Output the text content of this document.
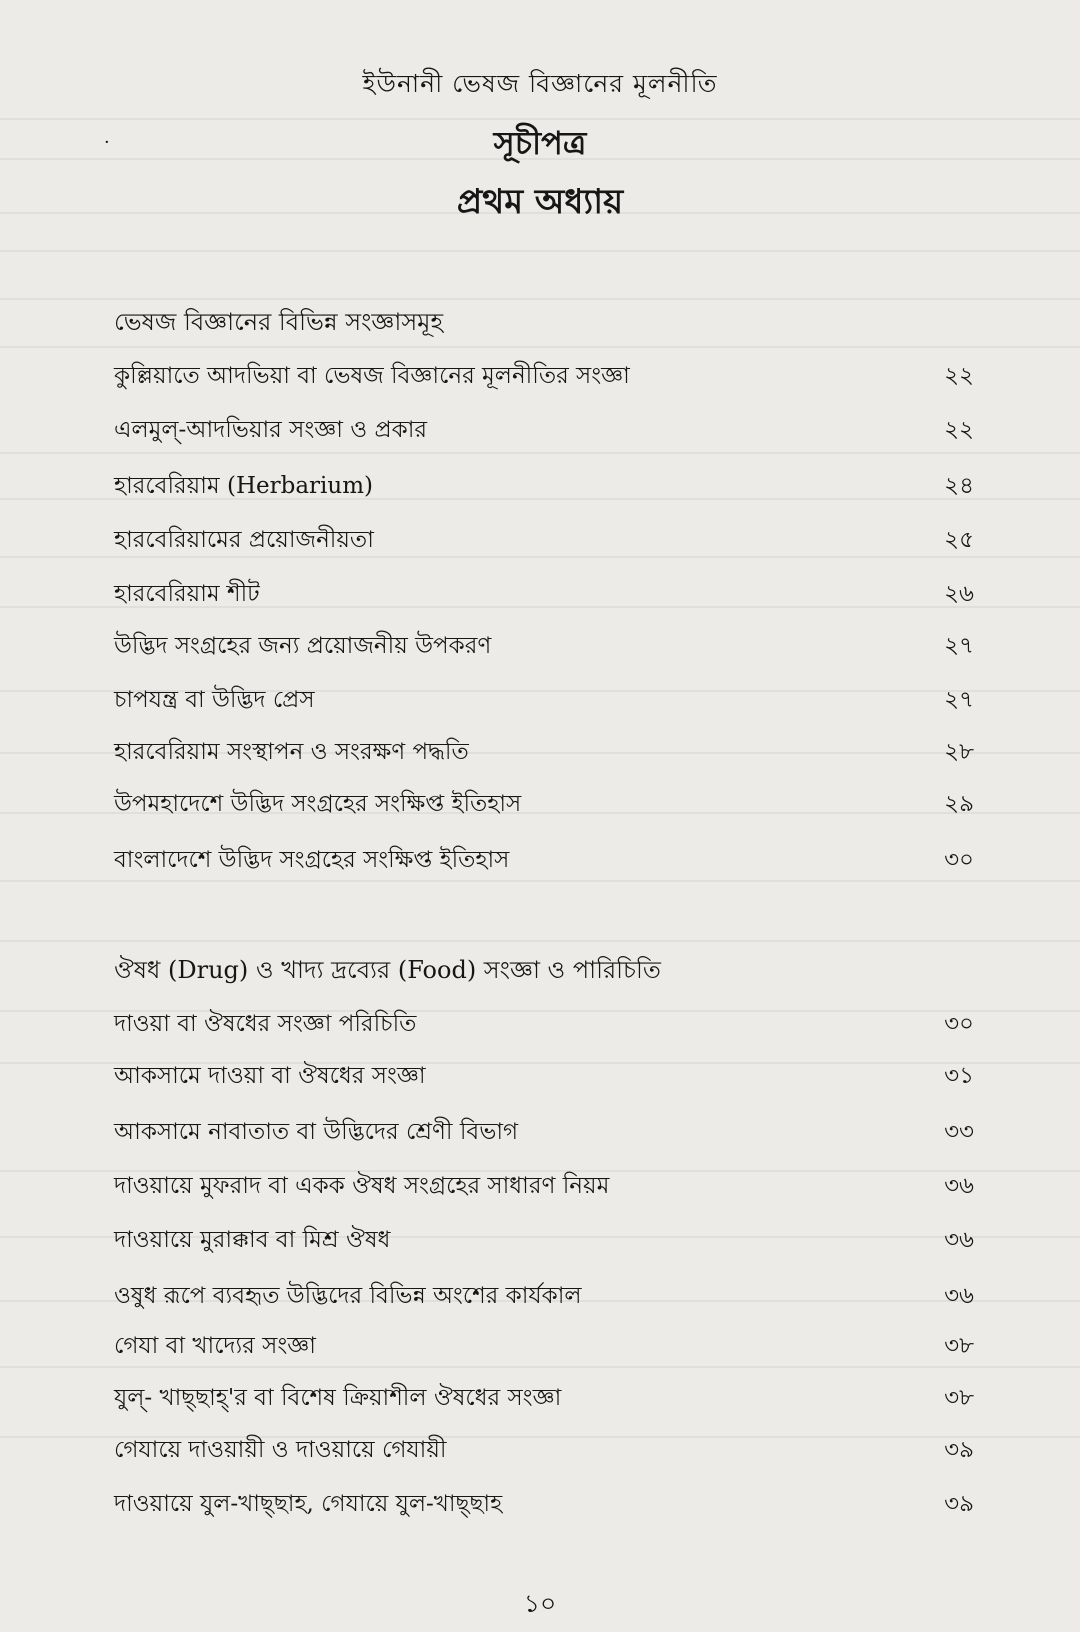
ইউনানী ভেষজ বিজ্ঞানের মূলনীতি
·	সূচীপত্র
প্রথম অধ্যায়
ভেষজ বিজ্ঞানের বিভিন্ন সংজ্ঞাসমূহ
কুল্লিয়াতে আদভিয়া বা ভেষজ বিজ্ঞানের মূলনীতির সংজ্ঞা	২২
এলমুল্-আদভিয়ার সংজ্ঞা ও প্রকার	২২
হারবেরিয়াম (Herbarium)	২৪
হারবেরিয়ামের প্রয়োজনীয়তা	২৫
হারবেরিয়াম শীট	২৬
উদ্ভিদ সংগ্রহের জন্য প্রয়োজনীয় উপকরণ	২৭
চাপযন্ত্র বা উদ্ভিদ প্রেস	২৭
হারবেরিয়াম সংস্থাপন ও সংরক্ষণ পদ্ধতি	২৮
উপমহাদেশে উদ্ভিদ সংগ্রহের সংক্ষিপ্ত ইতিহাস	২৯
বাংলাদেশে উদ্ভিদ সংগ্রহের সংক্ষিপ্ত ইতিহাস	৩০
ঔষধ (Drug) ও খাদ্য দ্রব্যের (Food) সংজ্ঞা ও পারিচিতি
দাওয়া বা ঔষধের সংজ্ঞা পরিচিতি	৩০
আকসামে দাওয়া বা ঔষধের সংজ্ঞা	৩১
আকসামে নাবাতাত বা উদ্ভিদের শ্রেণী বিভাগ	৩৩
দাওয়ায়ে মুফরাদ বা একক ঔষধ সংগ্রহের সাধারণ নিয়ম	৩৬
দাওয়ায়ে মুরাক্কাব বা মিশ্র ঔষধ	৩৬
ওষুধ রূপে ব্যবহৃত উদ্ভিদের বিভিন্ন অংশের কার্যকাল	৩৬
গেযা বা খাদ্যের সংজ্ঞা	৩৮
যুল্- খাছ্ছাহ্'র বা বিশেষ ক্রিয়াশীল ঔষধের সংজ্ঞা	৩৮
গেযায়ে দাওয়ায়ী ও দাওয়ায়ে গেযায়ী	৩৯
দাওয়ায়ে যুল-খাছ্ছাহ, গেযায়ে যুল-খাছ্ছাহ	৩৯
১০
